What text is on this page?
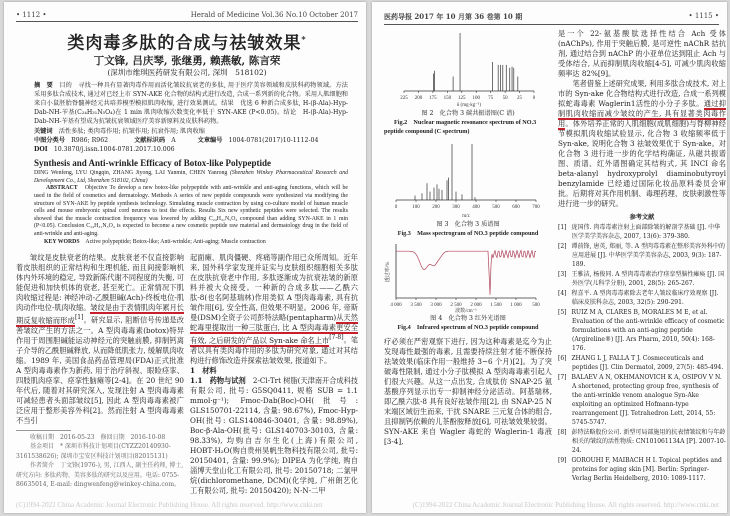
• 1112 •	Herald of Medicine Vol.36 No.10 October 2017
类肉毒多肽的合成与祛皱效果*
丁文锋, 吕庆琴, 张继勇, 赖燕敏, 陈言荣
(深圳市维琪医药研发有限公司, 深圳　518102)
摘　要　 目的　寻找一种具有显著肉毒作用而活化皱纹抗衰老的多肽, 用于医疗美容领域和皮肤科药物领域。方法　采用多肽合成技术, 通过对已经上市 SYN-AKE 化合物的结构式进行改造, 合成一系列新的化合物。采用人肌细胞和来自小鼠胚胎脊髓神经元共培养模型模拟肌肉收缩, 进行效果测试。结果　优选 6 种新合成多肽, H-(β-Ala)-Hyp-Dab-NH-苄基(C₂₄H₃₁N₅O₄)在 1 min 肌肉收缩次数变化率低于 SYN-AKE (P<0.05)。结论　H-(β-Ala)-Hyp-Dab-NH-苄基有望成为抗皱抗衰领域医疗美容新原料及皮肤科药物。
关键词　 活性多肽; 类肉毒作用; 抗皱作用; 抗衰作用; 肌肉收缩
中图分类号　 R986; R962	文献标识码　 A	文章编号　 1004-0781(2017)10-1112-04
DOI　 10.3870/j.issn.1004-0781.2017.10.006
Synthesis and Anti-wrinkle Efficacy of Botox-like Polypeptide
DING Wenfeng, LYU Qingqin, ZHANG Jiyong, LAI Yanmin, CHEN Yanrong (Shenzhen Winkey Pharmaceutical Research and Development Co., Ltd, Shenzhen 518102, China)
ABSTRACT　 Objective To develop a new botox-like polypeptide with anti-wrinkle and anti-aging functions, which will be used in the field of cosmetics and dermatology. Methods A series of new peptide compounds were synthesized via modifying the structure of SYN-AKE by peptide synthesis technology. Simulating muscle contraction by using co-culture model of human muscle cells and mouse embryonic spinal cord neurons to test the effects. Results Six new synthetic peptides were selected. The results showed that the muscle contraction frequency was lowered by adding C₂₄H₃₁N₅O₄ compound than adding SYN-AKE in 1 min (P<0.05). Conclusion C₂₄H₃₁N₅O₄ is expected to become a new cosmetic peptide raw material and dermatology drug in the field of anti-wrinkle and anti-aging.
KEY WORDS　 Active polypeptide; Botox-like; Anti-wrinkle; Anti-aging; Muscle contraction
皱纹是皮肤衰老的结果。皮肤衰老不仅直接影响着皮肤组织的正常结构和生理机能, 而且间接影响机体内外环境的稳定, 导致新陈代谢不同程度的失衡, 可能促进和加快机体的衰老, 甚至死亡。正常情况下肌肉收缩过程是: 神经冲动-乙酰胆碱(Ach)-终板电位-肌肉动作电位-肌肉收缩。皱纹是由于表情肌肉年累月长期反复收缩而形成[1]。研究显示, 阻断信号传递是改善皱纹产生的方法之一。A 型肉毒毒素(botox)特异作用于周围胆碱能运动神经元的突触前膜, 抑制钙离子介导的乙酰胆碱释放, 从而降低肌张力, 缓解肌肉收缩。1989 年, 美国食品药品管理局(FDA)正式批准 A 型肉毒毒素作为新药, 用于治疗斜视、眼睑痉挛、四肢肌肉痉挛、痉挛性脑瘫等[2-4]。在 20 世纪 90 年代后, 随着对其研究深入, 发现注射 A 型肉毒毒素可减轻患者头面部皱纹[5], 因此 A 型肉毒毒素被广泛应用于整形美容外科[2]。然而注射 A 型肉毒毒素不当引
收稿日期　2016-05-23　修回日期　2016-10-08
基金项目　* 深圳市科技计划项目(CYZZ20140930-3161538626); 深圳市宝安区科技计划项目(82015131)
作者简介　丁文锋(1976-), 男, 江西人, 副主任药师, 博士, 研究方向: 多肽药物、美容多肽的研究以及应用。电话: 0755-86635014, E-mail: dingwenfeng@winkey-china.com。
起面瘫、肌肉僵硬、疼痛等副作用已众所周知。近年来, 国外科学家发现并证实与皮肤组织细胞相关多肽在皮肤抗衰老中作用, 多肽逐渐成为抗衰祛皱的新原料并被大众接受。一种新的合成多肽——乙酰六肽-8(也名阿基瑞林)作用类似 A 型肉毒毒素, 具有抗皱作用[6], 安全性高, 但效果不明显。2006 年, 帝斯曼(DSM)全资子公司彭特法略(pentapharm)从天然蛇毒里提取出一种三肽蛋白, 比 A 型肉毒毒素更安全有效, 之后研发的产品以 Syn-ake 命名上市[7-8]。笔者以具有类肉毒作用的多肽为研究对象, 通过对其结构进行修饰改造并探索祛皱效果, 报道如下。
1　材料
1.1　药物与试剂　 2-Cl-Trt 树脂(天津南开合成科技有限公司, 批号: G5SQ0411, 规格 SUB = 1.1 mmol·g⁻¹); Fmoc-Dab(Boc)-OH(批号: GLS150701-22114, 含量: 98.67%), Fmoc-Hyp-OH(批号: GLS140846-30401, 含量: 98.89%), Boc-β-Ala-OH(批号: GLS140703-30103, 含量: 98.33%), 均购自吉尔生化(上海)有限公司, HOBT·H₂O(购自贵州昊帆生物科技有限公司, 批号: 20150401, 含量: 99.9%); DIPEA 为化学纯, 购自淄博天堂山化工有限公司, 批号: 20150718; 二氯甲烷(dichloromethane, DCM)(化学纯, 广州朗艺化工有限公司, 批号: 20150420); N-N-二甲
(C)1994-2022 China Academic Journal Electronic Publishing House. All rights reserved. http://www.cnki.net
医药导报 2017 年 10 月第 36 卷第 10 期	• 1115 •
225 200 175 150 125 100 75 50 25 0
δ (mg·kg⁻¹)
图 2　化合物 3 碳共振谱图(C 谱)
Fig.2　Nuclear magnetic resonance spectrum of NO.3 peptide compound (C spectrum)
0	100	200	300	400	500	600	700
m/z
图 3　化合物 3 质谱图
Fig.3　Mass spectrogram of NO.3 peptide compound
4 000 3 500 3 000 2 500 2 000 1 500 1 000 500
波数/cm⁻¹
透过率/%
图 4　化合物 3 红外光谱图
Fig.4　Infrared spectrum of NO.3 peptide compound
疗必须在严密观察下进行, 因为这种毒素是迄今为止发现毒性最强的毒素, 且需要持续注射才能不断保持祛皱效果(临床作用一般维持 3~6 个月)[2]。为了突破毒性限制, 通过小分子肽模拟 A 型肉毒毒素引起人们很大兴趣。从这一点出发, 合成肽仿 SNAP-25 氨基酸序列显示出专一抑制神经分泌活动。阿基瑞林, 即乙酰六肽-8 具有良好祛皱作用[2], 由 SNAP-25 N 末端区域衍生而来, 干扰 SNARE 三元复合体的组合, 且抑制钙依赖的儿茶酚胺释放[6], 可祛皱效果较弱。SYN-AKE 来自 Wagler 毒蛇的 Waglerin-1 毒液[3-4],
是一个 22-氨基酸肽选择性结合 Ach 受体(nAChPs), 作用于突触后膜, 是可逆性 nAChR 拮抗剂, 通过结合到 nAChP 的小亚单位达到阻止 Ach 与受体结合, 从而抑制肌肉收缩[4-5], 可减少肌肉收缩频率达 82%[9]。
　　笔者借鉴上述研究成果, 利用多肽合成技术, 对上市的 Syn-ake 化合物结构式进行改造, 合成一系列模拟蛇毒毒素 Waglerin1活性的小分子多肽。通过抑制肌肉收缩而减少皱纹的产生, 具有显著类肉毒作用。体外培养正常的人肌细胞(成肌细胞)与脊柳神经节模拟肌肉收缩试验显示, 化合物 3 收缩频率低于 Syn-ake, 说明化合物 3 祛皱效果优于 Syn-ake。对化合物 3 进行进一步的化学结构确证, 从磁共振谱图、质谱、红外谱图确定其结构式, 其 INCI 命名 beta-alanyl hydroxyprolyl diaminobutyroyl benzylamide 已经通过国际化妆品原料委员会审批。后期将对其作用机制、毒理药理、皮肤刺激性等进行进一步的研究。
参考文献
[1] 庞国伟. 肉毒毒素注射上面部除皱的解剖学基础 [J]. 中华医学美学美容杂志, 2007, 13(6): 379-380.
[2] 谭前锋, 唐英, 郑丽, 等. A 型肉毒毒素在整形美容外科中的应用进展 [J]. 中华医学美学美容杂志, 2003, 9(3): 187-189.
[3] 王雅洁, 杨俊同. A 型肉毒毒素治疗痉挛型脑性瘫痪 [J]. 国外医学(儿科学分册), 2001, 28(5): 265-267.
[4] 程喜平. A 型肉毒毒素除去老年人皱纹临床疗效观察 [J]. 临床皮肤科杂志, 2003, 32(5): 290-291.
[5] RUIZ M A, CLARES B, MORALES M E, et al. Evaluation of the anti-wrinkle efficacy of cosmetic formulations with an anti-aging peptide (Argireline®) [J]. Ars Pharm, 2010, 50(4): 168-176.
[6] ZHANG L J, FALLA T J. Cosmeceuticals and peptides [J]. Clin Dermatol, 2009, 27(5): 485-494.
[7] BALAEV A N, OKHMANOVICH K A, OSIPOV V N. A shortened, protecting group free, synthesis of the anti-wrinkle venom analogue Syn-Ake exploiting an optimized Hofmann-type rearrangement [J]. Tetrahedron Lett, 2014, 55: 5745-5747.
[8] 彭特法略股份公司. 新型可局部施用的抗表情皱纹和与年龄相关的皱纹的活性物质: CN101061134A [P]. 2007-10-24.
[9] GOROUHI F, MAIBACH H I. Topical peptides and proteins for aging skin [M]. Berlin: Springer-Verlag Berlin Heidelberg, 2010: 1089-1117.
(C)1994-2022 China Academic Journal Electronic Publishing House. All rights reserved. http://www.cnki.net
